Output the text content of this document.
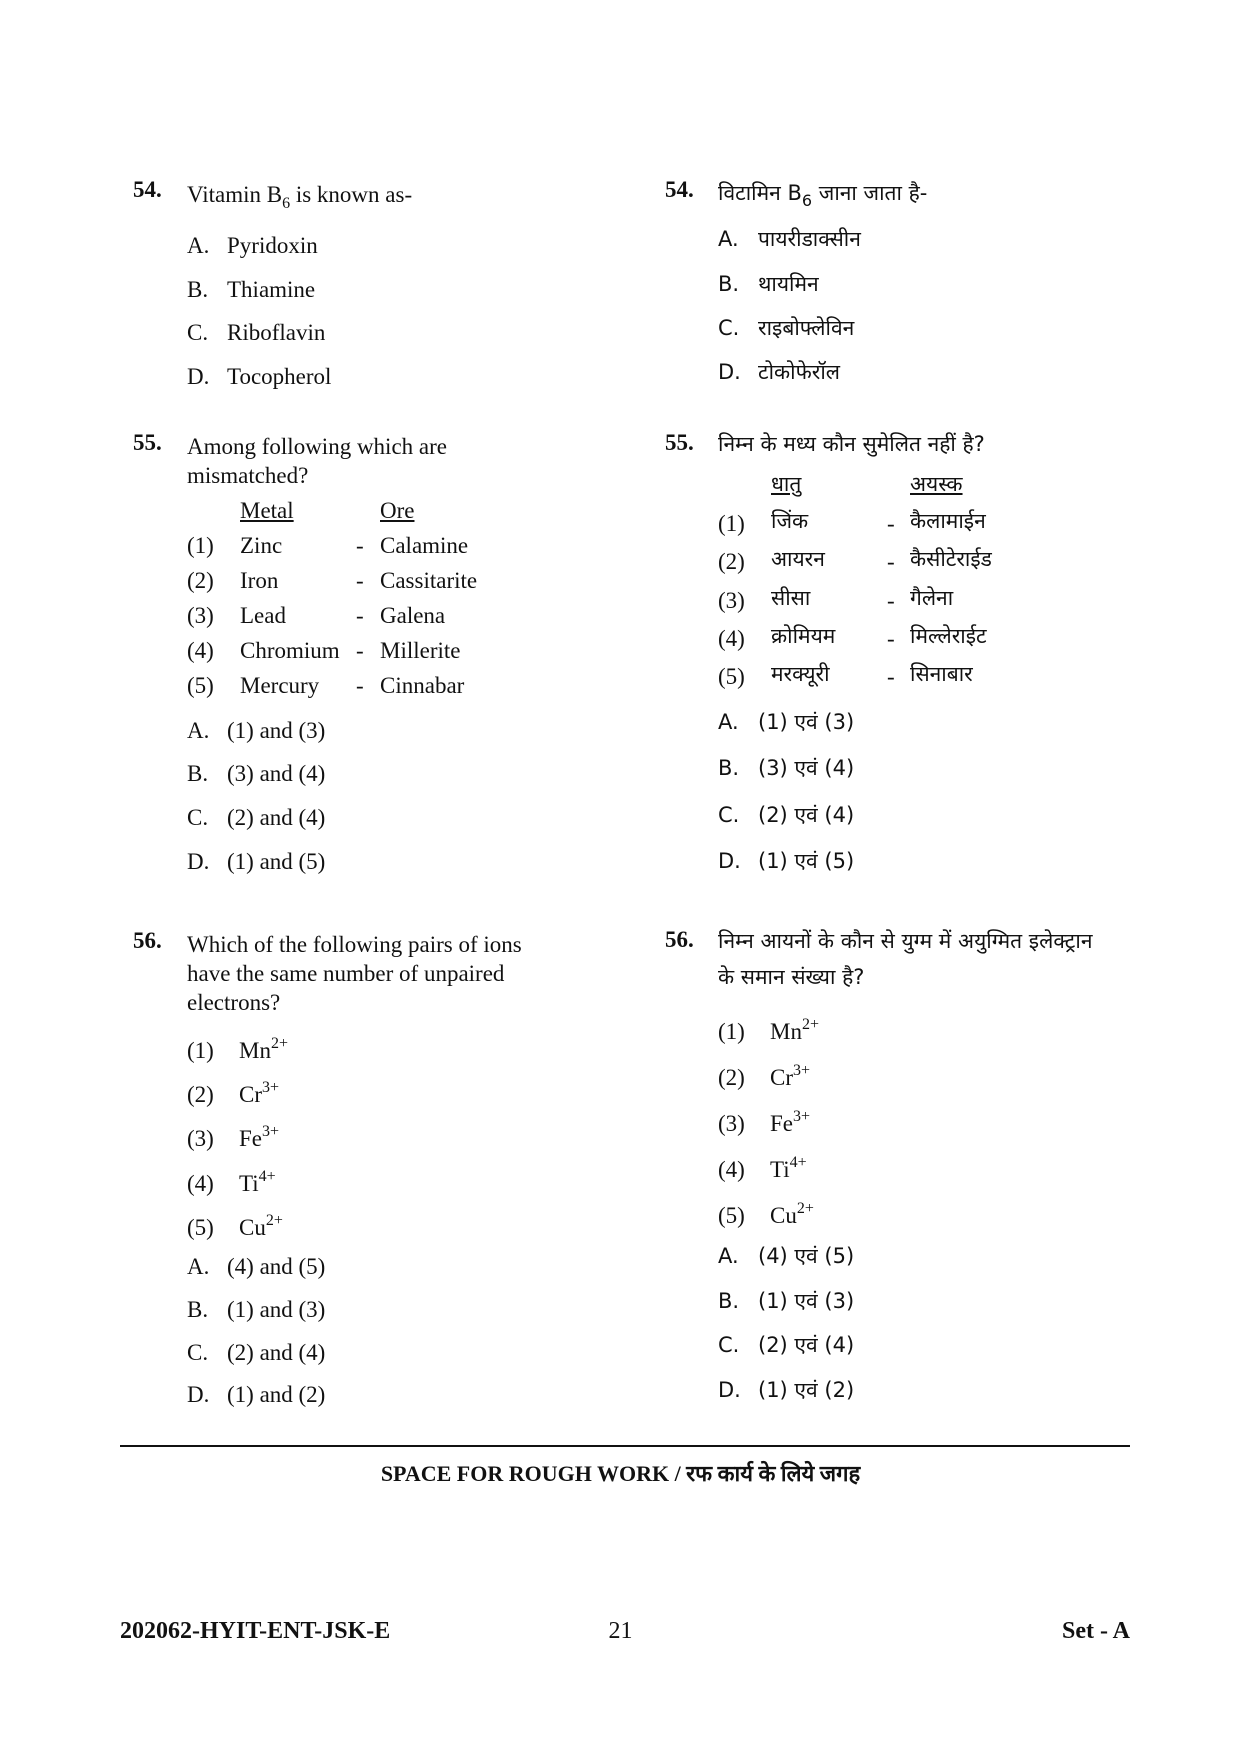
54. Vitamin $B_6$ is known as-
A. Pyridoxin
B. Thiamine
C. Riboflavin
D. Tocopherol
55. Among following which are
mismatched?
Metal	Ore
(1) Zinc	- Calamine
(2) Iron	- Cassitarite
(3) Lead	- Galena
(4) Chromium - Millerite
(5) Mercury - Cinnabar
A. (1) and (3)
B. (3) and (4)
C. (2) and (4)
D. (1) and (5)
56. Which of the following pairs of ions
have the same number of unpaired
electrons?
(1) $Mn^{2+}$
(2) $Cr^{3+}$
(3) $Fe^{3+}$
(4) $Ti^{4+}$
(5) $Cu^{2+}$
A. (4) and (5)
B. (1) and (3)
C. (2) and (4)
D. (1) and (2)
54. विटामिन $B_6$ जाना जाता है-
A. पायरीडाक्सीन
B. थायमिन
C. राइबोफ्लेविन
D. टोकोफेरॉल
55. निम्न के मध्य कौन सुमेलित नहीं है?
धातु	अयस्क
(1) जिंक	- कैलामाईन
(2) आयरन	- कैसीटेराईड
(3) सीसा	- गैलेना
(4) क्रोमियम - मिल्लेराईट
(5) मरक्यूरी - सिनाबार
A. (1) एवं (3)
B. (3) एवं (4)
C. (2) एवं (4)
D. (1) एवं (5)
56. निम्न आयनों के कौन से युग्म में अयुग्मित इलेक्ट्रान
के समान संख्या है?
(1) $Mn^{2+}$
(2) $Cr^{3+}$
(3) $Fe^{3+}$
(4) $Ti^{4+}$
(5) $Cu^{2+}$
A. (4) एवं (5)
B. (1) एवं (3)
C. (2) एवं (4)
D. (1) एवं (2)
SPACE FOR ROUGH WORK / रफ कार्य के लिये जगह
202062-HYIT-ENT-JSK-E	21	Set - A
